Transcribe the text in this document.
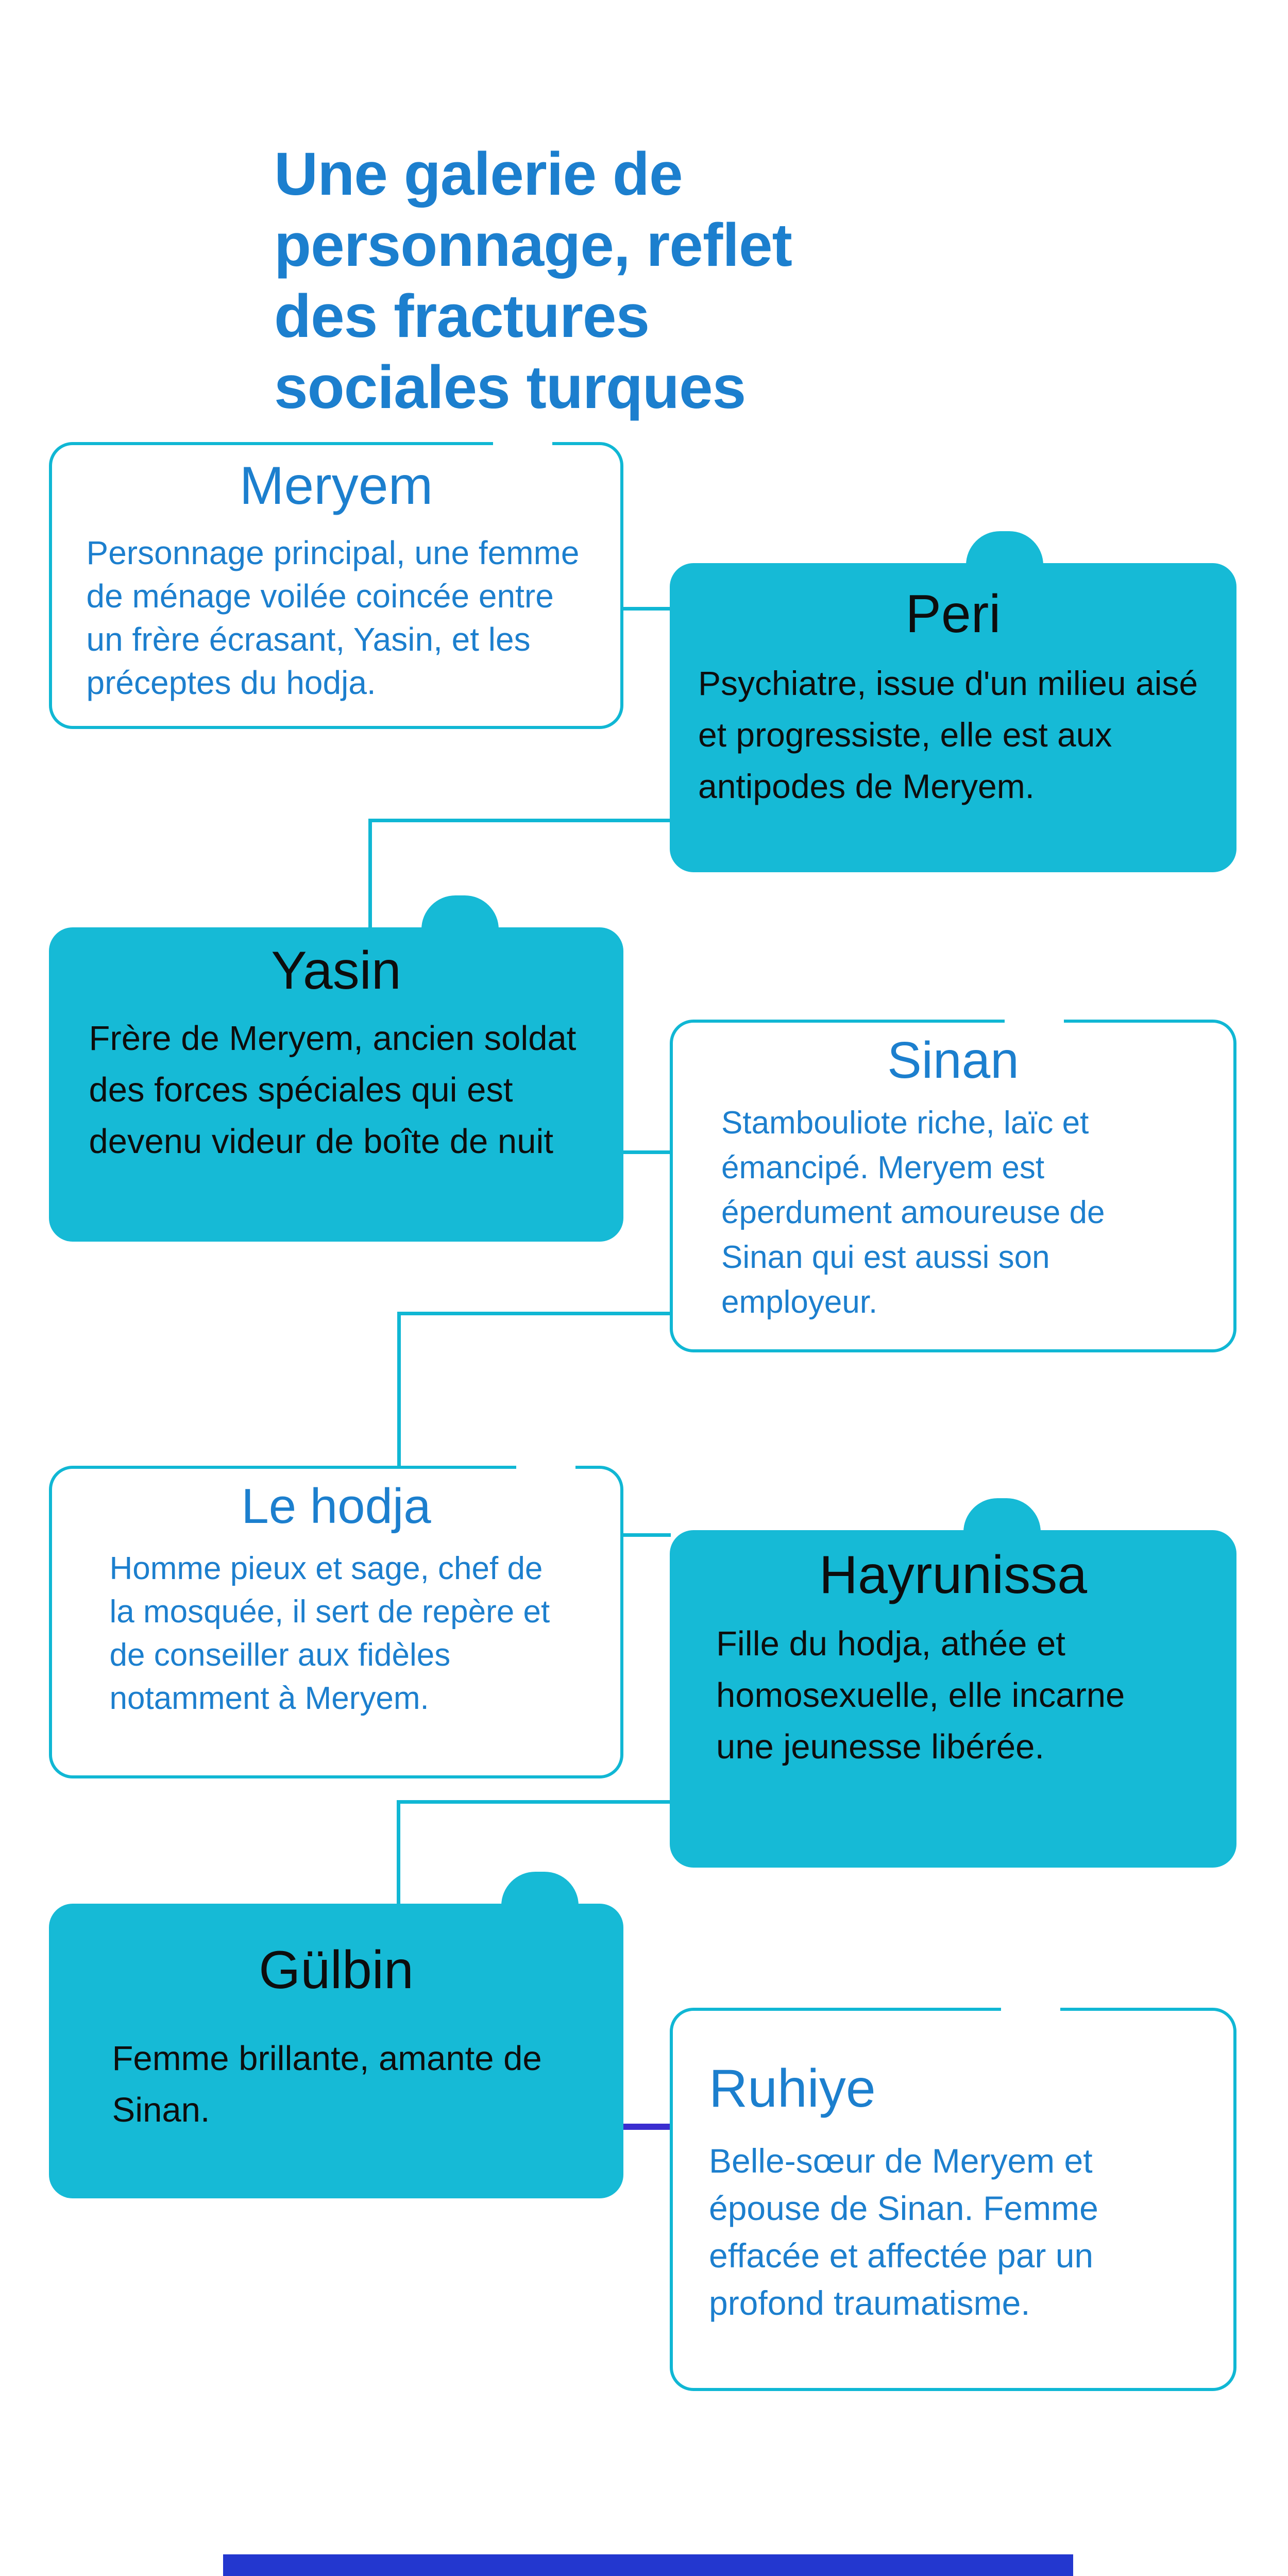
Une galerie de personnage, reflet des fractures sociales turques
Meryem

Personnage principal, une femme de ménage voilée coincée entre un frère écrasant, Yasin, et les préceptes du hodja.

Peri

Psychiatre, issue d'un milieu aisé et progressiste, elle est aux antipodes de Meryem.

Yasin

Frère de Meryem, ancien soldat des forces spéciales qui est devenu videur de boîte de nuit

Sinan

Stambouliote riche, laïc et émancipé. Meryem est éperdument amoureuse de Sinan qui est aussi son employeur.

Le hodja

Homme pieux et sage, chef de la mosquée, il sert de repère et de conseiller aux fidèles notamment à Meryem.

Hayrunissa

Fille du hodja, athée et homosexuelle, elle incarne une jeunesse libérée.

Gülbin

Femme brillante, amante de Sinan.	Ruhiye

Belle-sœur de Meryem et épouse de Sinan. Femme effacée et affectée par un profond traumatisme.
